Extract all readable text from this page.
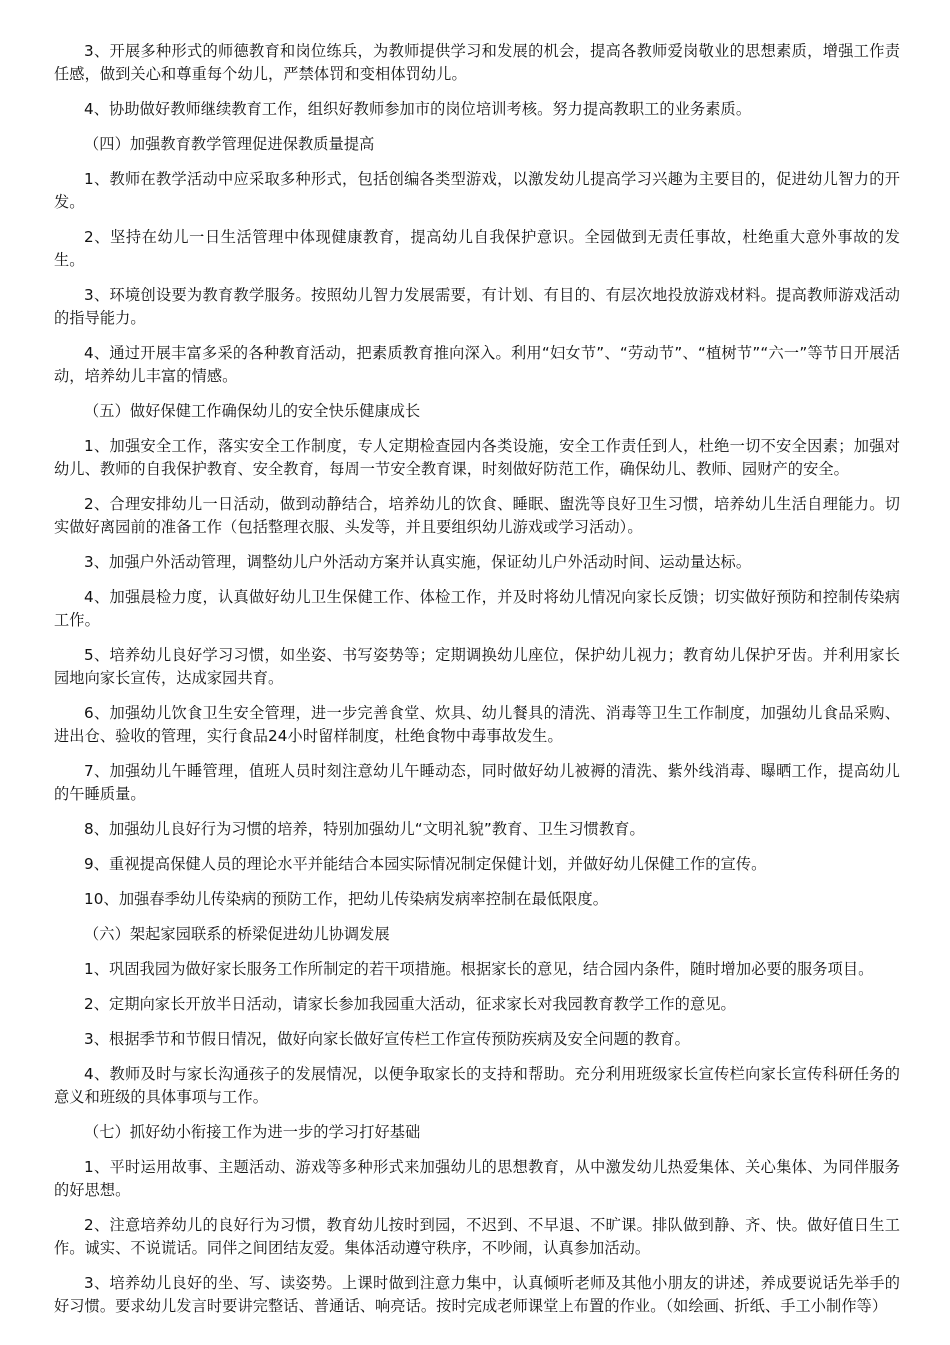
3、开展多种形式的师德教育和岗位练兵，为教师提供学习和发展的机会，提高各教师爱岗敬业的思想素质，增强工作责任感，做到关心和尊重每个幼儿，严禁体罚和变相体罚幼儿。

4、协助做好教师继续教育工作，组织好教师参加市的岗位培训考核。努力提高教职工的业务素质。

（四）加强教育教学管理促进保教质量提高

1、教师在教学活动中应采取多种形式，包括创编各类型游戏，以激发幼儿提高学习兴趣为主要目的，促进幼儿智力的开发。

2、坚持在幼儿一日生活管理中体现健康教育，提高幼儿自我保护意识。全园做到无责任事故，杜绝重大意外事故的发生。

3、环境创设要为教育教学服务。按照幼儿智力发展需要，有计划、有目的、有层次地投放游戏材料。提高教师游戏活动的指导能力。

4、通过开展丰富多采的各种教育活动，把素质教育推向深入。利用“妇女节”、“劳动节”、“植树节”“六一”等节日开展活动，培养幼儿丰富的情感。

（五）做好保健工作确保幼儿的安全快乐健康成长

1、加强安全工作，落实安全工作制度，专人定期检查园内各类设施，安全工作责任到人，杜绝一切不安全因素；加强对幼儿、教师的自我保护教育、安全教育，每周一节安全教育课，时刻做好防范工作，确保幼儿、教师、园财产的安全。

2、合理安排幼儿一日活动，做到动静结合，培养幼儿的饮食、睡眠、盥洗等良好卫生习惯，培养幼儿生活自理能力。切实做好离园前的准备工作（包括整理衣服、头发等，并且要组织幼儿游戏或学习活动）。

3、加强户外活动管理，调整幼儿户外活动方案并认真实施，保证幼儿户外活动时间、运动量达标。

4、加强晨检力度，认真做好幼儿卫生保健工作、体检工作，并及时将幼儿情况向家长反馈；切实做好预防和控制传染病工作。

5、培养幼儿良好学习习惯，如坐姿、书写姿势等；定期调换幼儿座位，保护幼儿视力；教育幼儿保护牙齿。并利用家长园地向家长宣传，达成家园共育。

6、加强幼儿饮食卫生安全管理，进一步完善食堂、炊具、幼儿餐具的清洗、消毒等卫生工作制度，加强幼儿食品采购、进出仓、验收的管理，实行食品24小时留样制度，杜绝食物中毒事故发生。

7、加强幼儿午睡管理，值班人员时刻注意幼儿午睡动态，同时做好幼儿被褥的清洗、紫外线消毒、曝晒工作，提高幼儿的午睡质量。

8、加强幼儿良好行为习惯的培养，特别加强幼儿“文明礼貌”教育、卫生习惯教育。

9、重视提高保健人员的理论水平并能结合本园实际情况制定保健计划，并做好幼儿保健工作的宣传。

10、加强春季幼儿传染病的预防工作，把幼儿传染病发病率控制在最低限度。

（六）架起家园联系的桥梁促进幼儿协调发展

1、巩固我园为做好家长服务工作所制定的若干项措施。根据家长的意见，结合园内条件，随时增加必要的服务项目。

2、定期向家长开放半日活动，请家长参加我园重大活动，征求家长对我园教育教学工作的意见。

3、根据季节和节假日情况，做好向家长做好宣传栏工作宣传预防疾病及安全问题的教育。

4、教师及时与家长沟通孩子的发展情况，以便争取家长的支持和帮助。充分利用班级家长宣传栏向家长宣传科研任务的意义和班级的具体事项与工作。

（七）抓好幼小衔接工作为进一步的学习打好基础

1、平时运用故事、主题活动、游戏等多种形式来加强幼儿的思想教育，从中激发幼儿热爱集体、关心集体、为同伴服务的好思想。

2、注意培养幼儿的良好行为习惯，教育幼儿按时到园，不迟到、不早退、不旷课。排队做到静、齐、快。做好值日生工作。诚实、不说谎话。同伴之间团结友爱。集体活动遵守秩序，不吵闹，认真参加活动。

3、培养幼儿良好的坐、写、读姿势。上课时做到注意力集中，认真倾听老师及其他小朋友的讲述，养成要说话先举手的好习惯。要求幼儿发言时要讲完整话、普通话、响亮话。按时完成老师课堂上布置的作业。（如绘画、折纸、手工小制作等）
